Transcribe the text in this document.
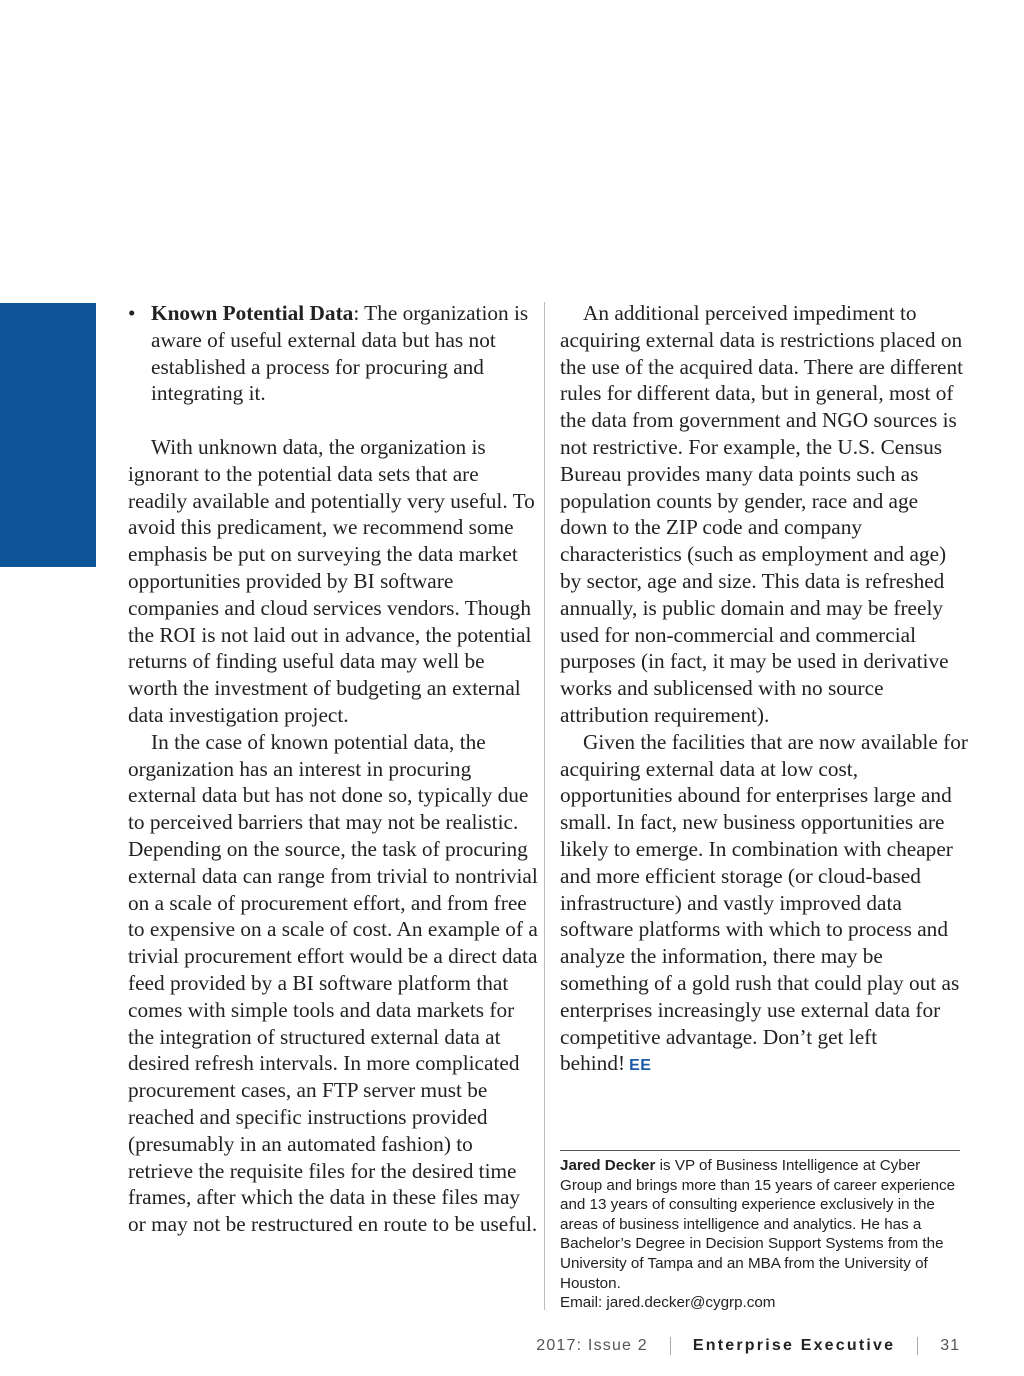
• Known Potential Data: The organization is aware of useful external data but has not established a process for procuring and integrating it.

With unknown data, the organization is ignorant to the potential data sets that are readily available and potentially very useful. To avoid this predicament, we recommend some emphasis be put on surveying the data market opportunities provided by BI software companies and cloud services vendors. Though the ROI is not laid out in advance, the potential returns of finding useful data may well be worth the investment of budgeting an external data investigation project.

In the case of known potential data, the organization has an interest in procuring external data but has not done so, typically due to perceived barriers that may not be realistic. Depending on the source, the task of procuring external data can range from trivial to nontrivial on a scale of procurement effort, and from free to expensive on a scale of cost. An example of a trivial procurement effort would be a direct data feed provided by a BI software platform that comes with simple tools and data markets for the integration of structured external data at desired refresh intervals. In more complicated procurement cases, an FTP server must be reached and specific instructions provided (presumably in an automated fashion) to retrieve the requisite files for the desired time frames, after which the data in these files may or may not be restructured en route to be useful.

An additional perceived impediment to acquiring external data is restrictions placed on the use of the acquired data. There are different rules for different data, but in general, most of the data from government and NGO sources is not restrictive. For example, the U.S. Census Bureau provides many data points such as population counts by gender, race and age down to the ZIP code and company characteristics (such as employment and age) by sector, age and size. This data is refreshed annually, is public domain and may be freely used for non-commercial and commercial purposes (in fact, it may be used in derivative works and sublicensed with no source attribution requirement).

Given the facilities that are now available for acquiring external data at low cost, opportunities abound for enterprises large and small. In fact, new business opportunities are likely to emerge. In combination with cheaper and more efficient storage (or cloud-based infrastructure) and vastly improved data software platforms with which to process and analyze the information, there may be something of a gold rush that could play out as enterprises increasingly use external data for competitive advantage. Don’t get left behind! EE

Jared Decker is VP of Business Intelligence at Cyber Group and brings more than 15 years of career experience and 13 years of consulting experience exclusively in the areas of business intelligence and analytics. He has a Bachelor’s Degree in Decision Support Systems from the University of Tampa and an MBA from the University of Houston.
Email: jared.decker@cygrp.com
2017: Issue 2	Enterprise Executive	31
